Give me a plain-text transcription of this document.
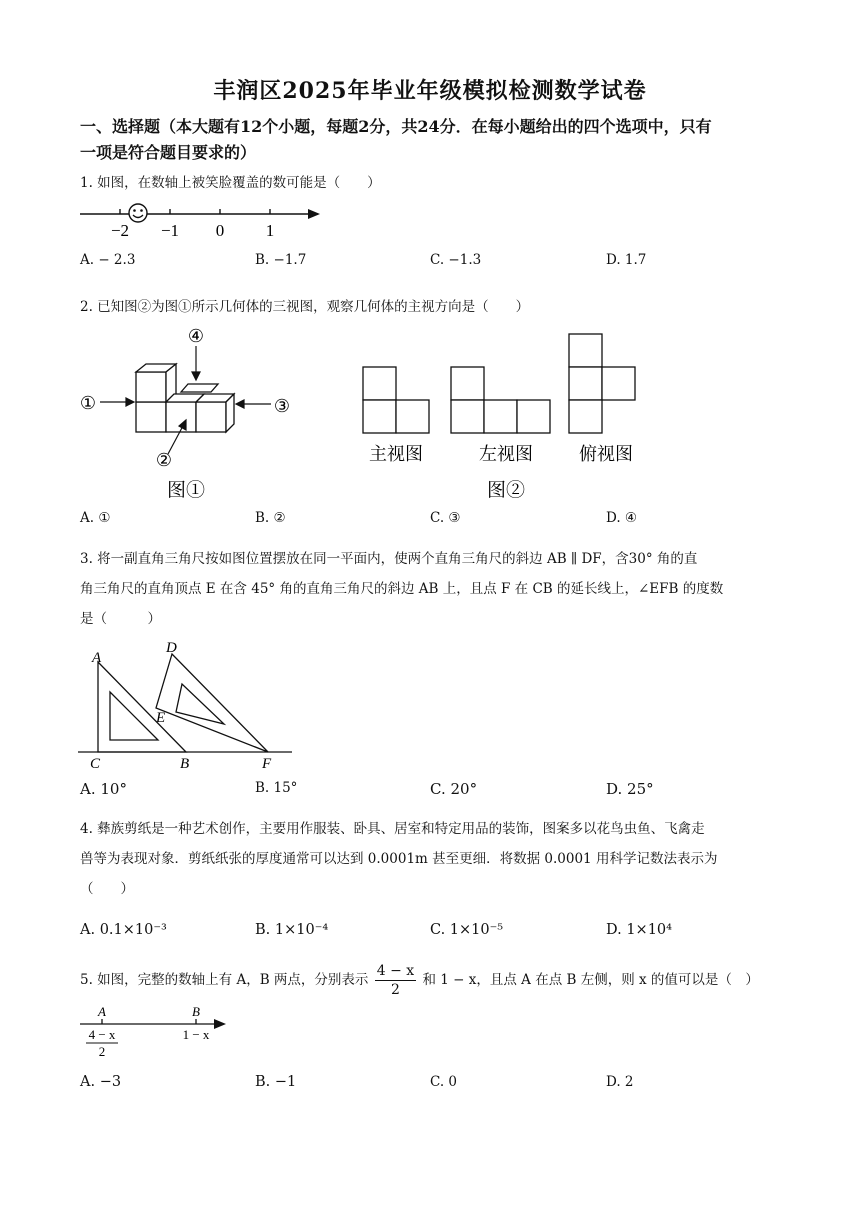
丰润区2025年毕业年级模拟检测数学试卷
一、选择题（本大题有12个小题，每题2分，共24分．在每小题给出的四个选项中，只有
一项是符合题目要求的）
1. 如图，在数轴上被笑脸覆盖的数可能是（　　）
−2 −1 0 1
A. − 2.3	B. −1.7	C. −1.3	D. 1.7
2. 已知图②为图①所示几何体的三视图，观察几何体的主视方向是（　　）
①
②
③
④
图①
主视图	左视图	俯视图
图②
A. ①	B. ②	C. ③	D. ④
3. 将一副直角三角尺按如图位置摆放在同一平面内，使两个直角三角尺的斜边 AB ∥ DF，含30° 角的直
角三角尺的直角顶点 E 在含 45° 角的直角三角尺的斜边 AB 上，且点 F 在 CB 的延长线上，∠EFB 的度数
是（　　　）
A
D
E
C	B	F
A. 10°	B. 15°	C. 20°	D. 25°
4. 彝族剪纸是一种艺术创作，主要用作服装、卧具、居室和特定用品的装饰，图案多以花鸟虫鱼、飞禽走
兽等为表现对象．剪纸纸张的厚度通常可以达到 0.0001m 甚至更细．将数据 0.0001 用科学记数法表示为
（　　）
A. 0.1×10⁻³	B. 1×10⁻⁴	C. 1×10⁻⁵	D. 1×10⁴
5. 如图，完整的数轴上有 A，B 两点，分别表示 $\frac{4 - x}{2}$ 和 1 − x，且点 A 在点 B 左侧，则 x 的值可以是（　）
A	B
4 − x
2
1 − x
A. −3	B. −1	C. 0	D. 2
